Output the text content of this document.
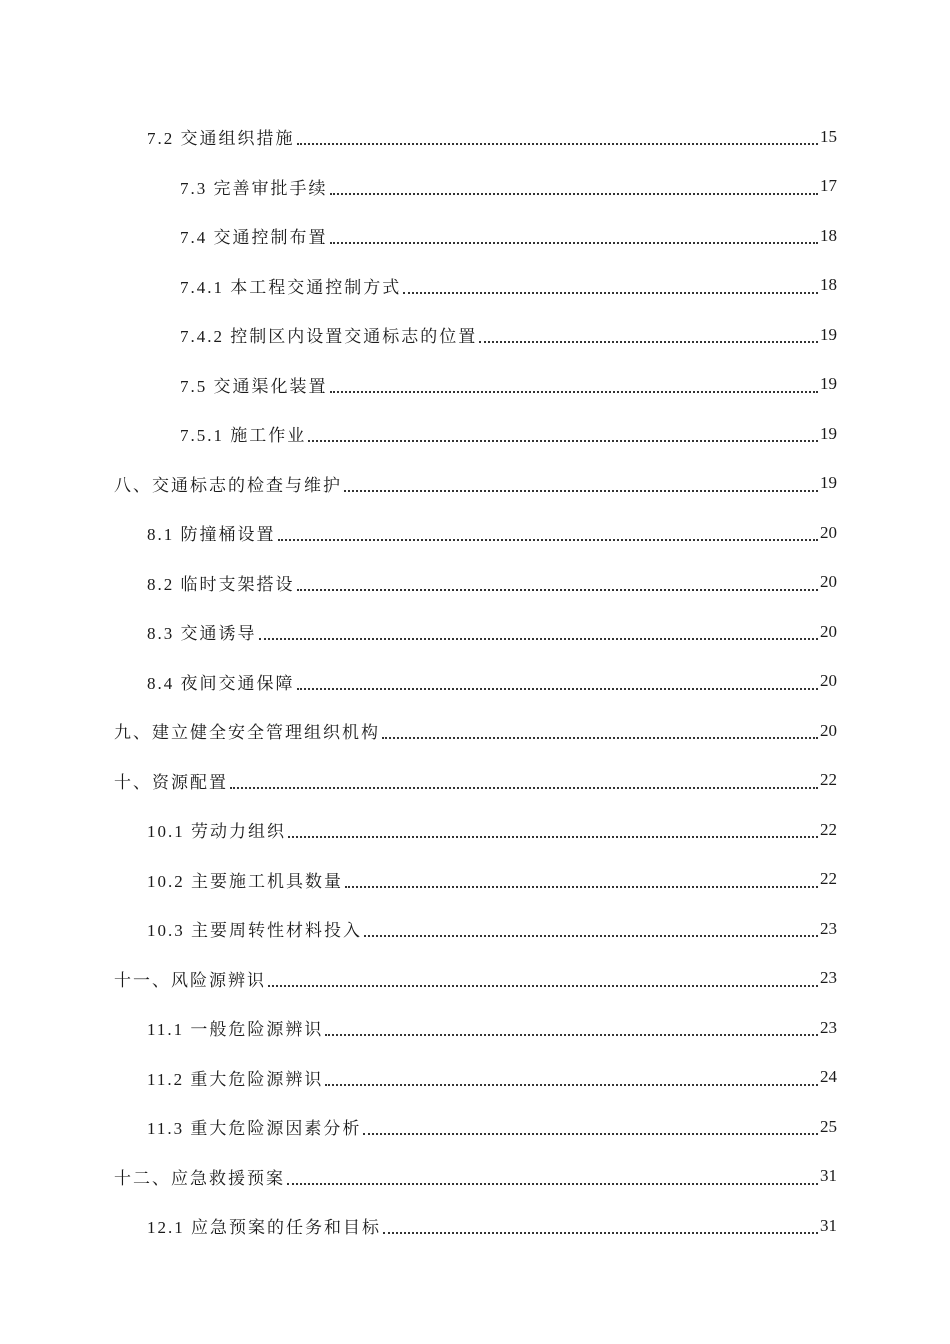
7.2 交通组织措施	15
7.3 完善审批手续	17
7.4 交通控制布置	18
7.4.1 本工程交通控制方式	18
7.4.2 控制区内设置交通标志的位置	19
7.5 交通渠化装置	19
7.5.1 施工作业	19
八、交通标志的检查与维护	19
8.1 防撞桶设置	20
8.2 临时支架搭设	20
8.3 交通诱导	20
8.4 夜间交通保障	20
九、建立健全安全管理组织机构	20
十、资源配置	22
10.1 劳动力组织	22
10.2 主要施工机具数量	22
10.3 主要周转性材料投入	23
十一、风险源辨识	23
11.1 一般危险源辨识	23
11.2 重大危险源辨识	24
11.3 重大危险源因素分析	25
十二、应急救援预案	31
12.1 应急预案的任务和目标	31
